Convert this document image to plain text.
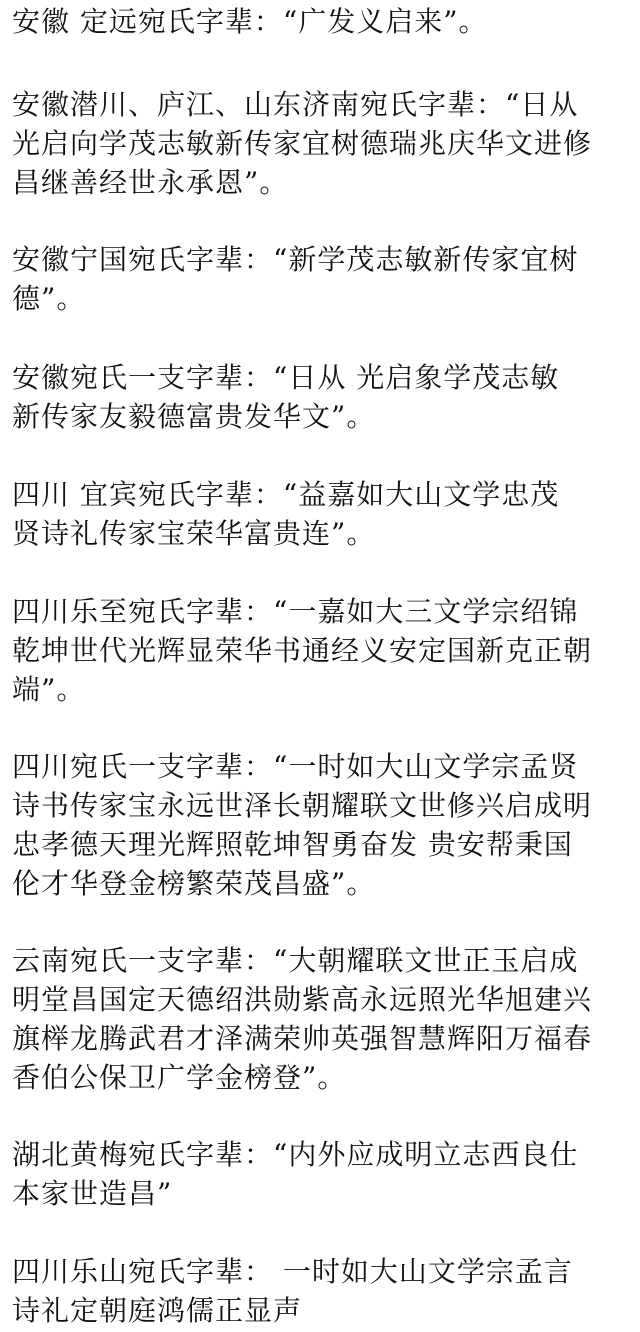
安徽 定远宛氏字辈：“广发义启来”。

安徽潜川、庐江、山东济南宛氏字辈：“日从
光启向学茂志敏新传家宜树德瑞兆庆华文进修
昌继善经世永承恩”。

安徽宁国宛氏字辈：“新学茂志敏新传家宜树
德”。

安徽宛氏一支字辈：“日从 光启象学茂志敏
新传家友毅德富贵发华文”。

四川 宜宾宛氏字辈：“益嘉如大山文学忠茂
贤诗礼传家宝荣华富贵连”。

四川乐至宛氏字辈：“一嘉如大三文学宗绍锦
乾坤世代光辉显荣华书通经义安定国新克正朝
端”。

四川宛氏一支字辈：“一时如大山文学宗孟贤
诗书传家宝永远世泽长朝耀联文世修兴启成明
忠孝德天理光辉照乾坤智勇奋发 贵安帮秉国
伦才华登金榜繁荣茂昌盛”。

云南宛氏一支字辈：“大朝耀联文世正玉启成
明堂昌国定天德绍洪勋紫高永远照光华旭建兴
旗榉龙腾武君才泽满荣帅英强智慧辉阳万福春
香伯公保卫广学金榜登”。

湖北黄梅宛氏字辈：“内外应成明立志西良仕
本家世造昌”

四川乐山宛氏字辈： 一时如大山文学宗孟言
诗礼定朝庭鸿儒正显声
